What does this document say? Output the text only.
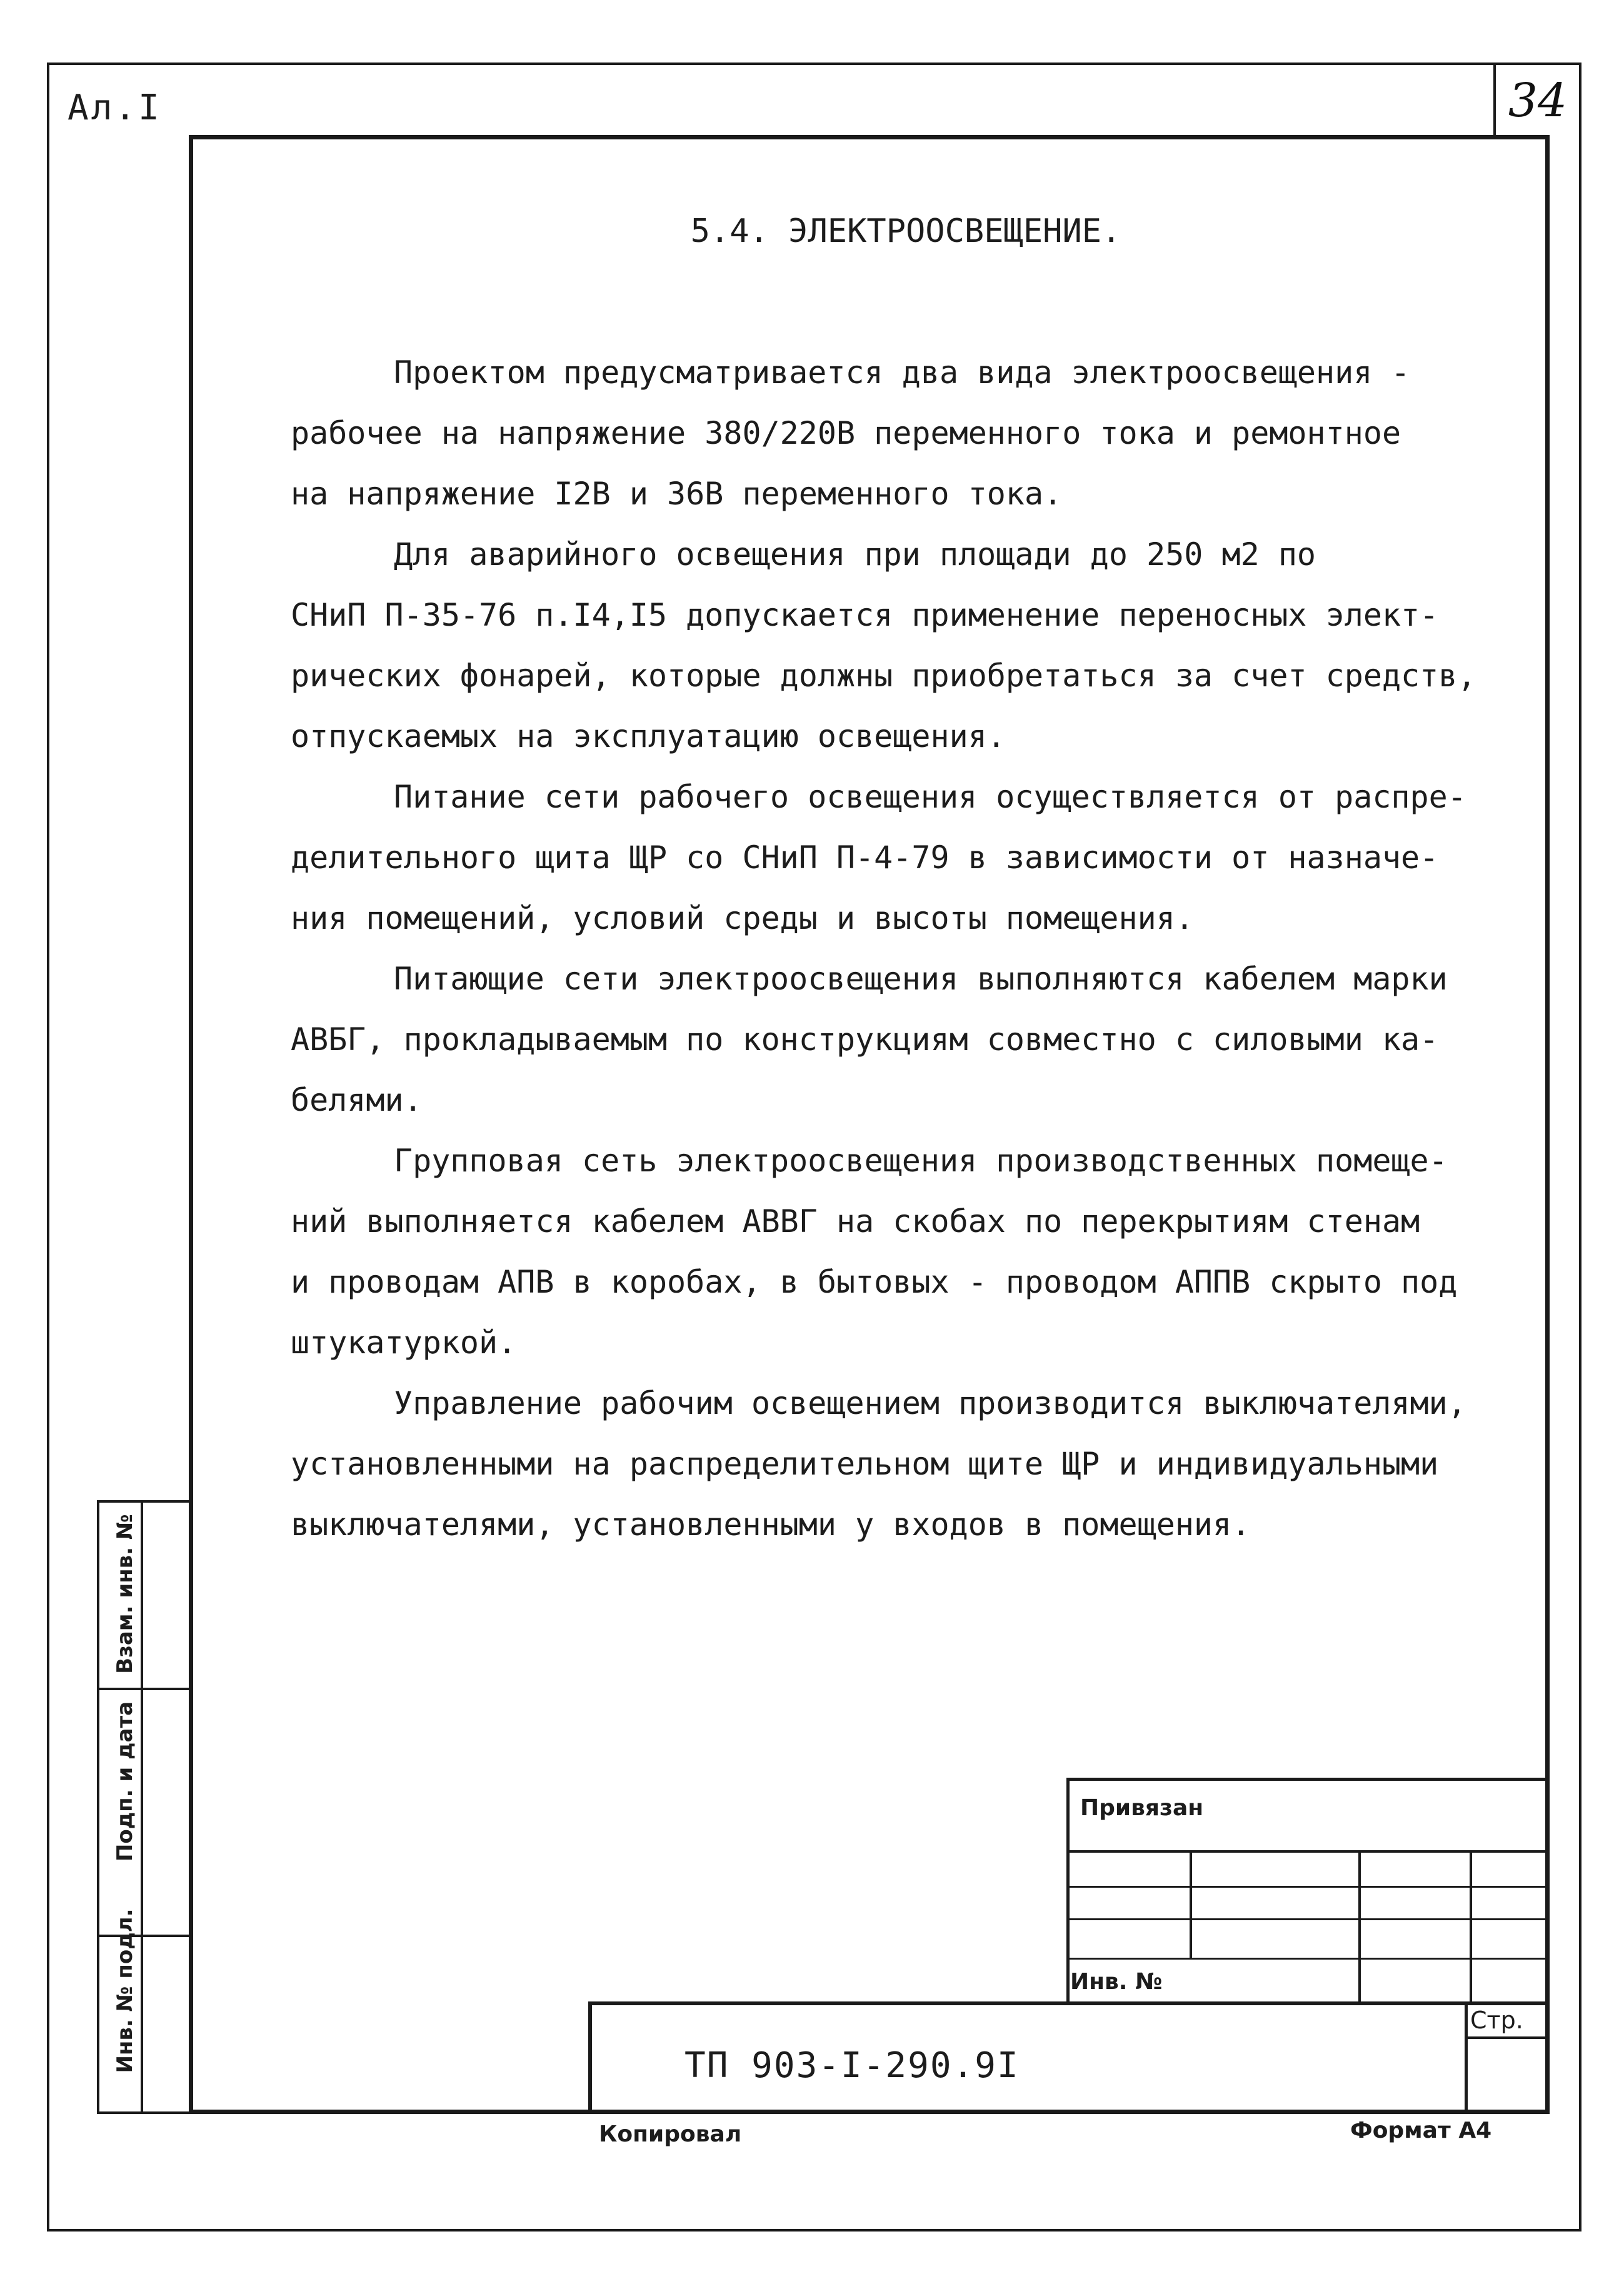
Ал.I	34
5.4. ЭЛЕКТРООСВЕЩЕНИЕ.

Проектом предусматривается два вида электроосвещения -

рабочее на напряжение 380/220В переменного тока и ремонтное

на напряжение I2В и 36В переменного тока.

Для аварийного освещения при площади до 250 м2 по

СНиП П-35-76 п.I4,I5 допускается применение переносных элект-

рических фонарей, которые должны приобретаться за счет средств,

отпускаемых на эксплуатацию освещения.

Питание сети рабочего освещения осуществляется от распре-

делительного щита ЩР со СНиП П-4-79 в зависимости от назначе-

ния помещений, условий среды и высоты помещения.

Питающие сети электроосвещения выполняются кабелем марки

АВБГ, прокладываемым по конструкциям совместно с силовыми ка-

белями.

Групповая сеть электроосвещения производственных помеще-

ний выполняется кабелем АВВГ на скобах по перекрытиям стенам

и проводам АПВ в коробах, в бытовых - проводом АППВ скрыто под

штукатуркой.

Управление рабочим освещением производится выключателями,

установленными на распределительном щите ЩР и индивидуальными

выключателями, установленными у входов в помещения.

Взам. инв. №
Подп. и дата
Инв. № подл.
Привязан
Инв. №
Стр.
ТП 903-I-290.9I
Копировал	Формат А4
